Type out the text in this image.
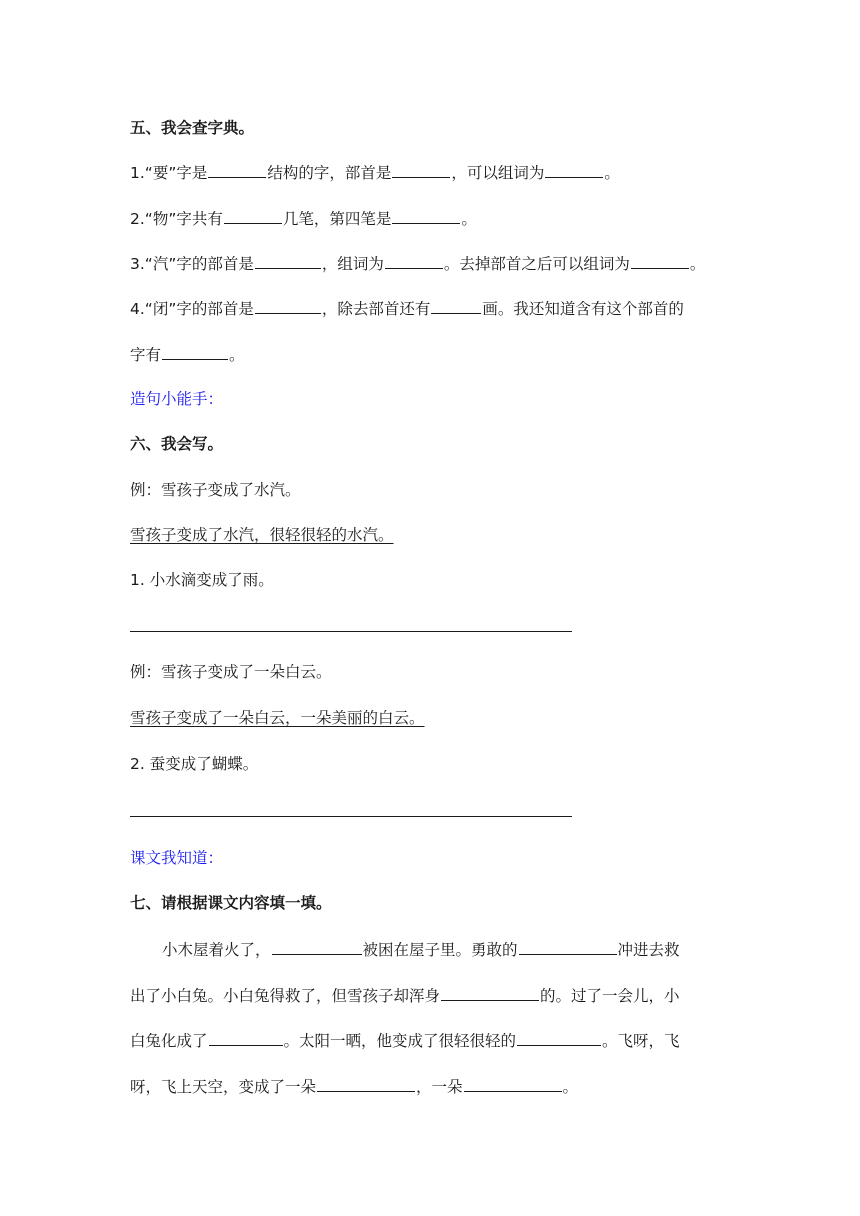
五、我会查字典。
1.“要”字是	结构的字，部首是	，可以组词为	。
2.“物”字共有	几笔，第四笔是	。
3.“汽”字的部首是	，组词为	。去掉部首之后可以组词为	。
4.“闭”字的部首是	，除去部首还有	画。我还知道含有这个部首的
字有	。
造句小能手：
六、我会写。
例：雪孩子变成了水汽。
雪孩子变成了水汽，很轻很轻的水汽。
1. 小水滴变成了雨。
例：雪孩子变成了一朵白云。
雪孩子变成了一朵白云，一朵美丽的白云。
2. 蚕变成了蝴蝶。
课文我知道：
七、请根据课文内容填一填。
小木屋着火了，	被困在屋子里。勇敢的	冲进去救
出了小白兔。小白兔得救了，但雪孩子却浑身	的。过了一会儿，小
白兔化成了	。太阳一晒，他变成了很轻很轻的	。飞呀，飞
呀，飞上天空，变成了一朵	，一朵	。
